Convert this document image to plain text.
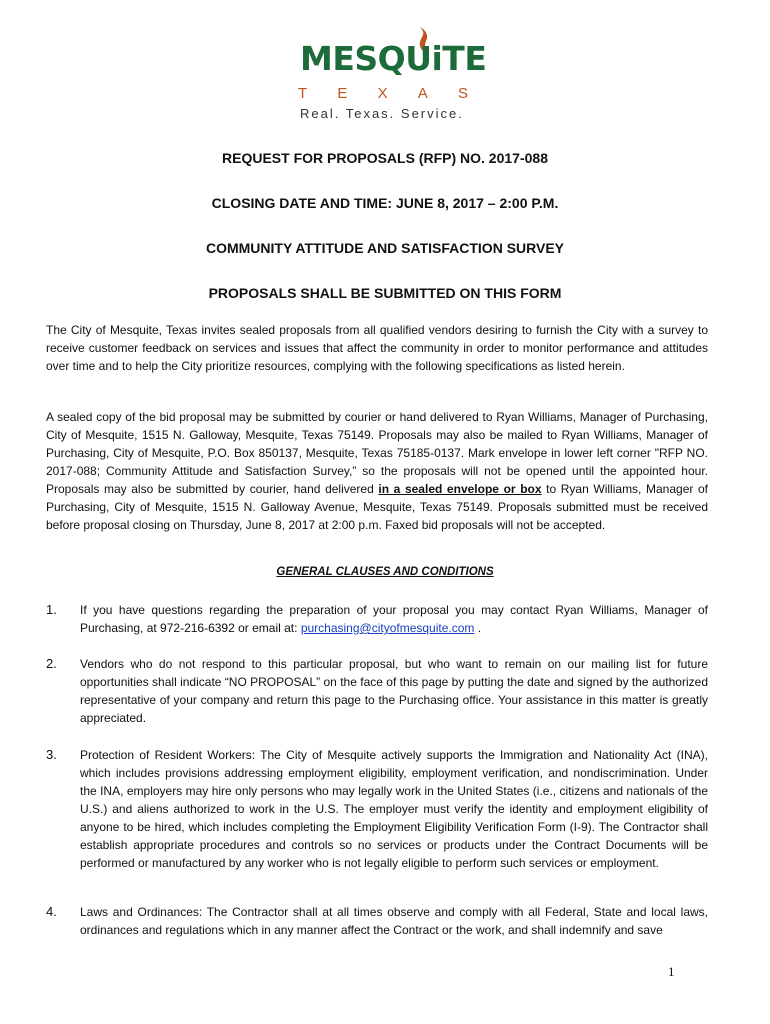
MESQUiTE
T E X A S
Real. Texas. Service.
REQUEST FOR PROPOSALS (RFP) NO. 2017-088
CLOSING DATE AND TIME: JUNE 8, 2017 – 2:00 P.M.
COMMUNITY ATTITUDE AND SATISFACTION SURVEY
PROPOSALS SHALL BE SUBMITTED ON THIS FORM

The City of Mesquite, Texas invites sealed proposals from all qualified vendors desiring to furnish the City with a survey to receive customer feedback on services and issues that affect the community in order to monitor performance and attitudes over time and to help the City prioritize resources, complying with the following specifications as listed herein.

A sealed copy of the bid proposal may be submitted by courier or hand delivered to Ryan Williams, Manager of Purchasing, City of Mesquite, 1515 N. Galloway, Mesquite, Texas 75149. Proposals may also be mailed to Ryan Williams, Manager of Purchasing, City of Mesquite, P.O. Box 850137, Mesquite, Texas 75185-0137. Mark envelope in lower left corner "RFP NO. 2017-088; Community Attitude and Satisfaction Survey,” so the proposals will not be opened until the appointed hour. Proposals may also be submitted by courier, hand delivered in a sealed envelope or box to Ryan Williams, Manager of Purchasing, City of Mesquite, 1515 N. Galloway Avenue, Mesquite, Texas 75149. Proposals submitted must be received before proposal closing on Thursday, June 8, 2017 at 2:00 p.m. Faxed bid proposals will not be accepted.

GENERAL CLAUSES AND CONDITIONS
1.	If you have questions regarding the preparation of your proposal you may contact Ryan Williams, Manager of Purchasing, at 972-216-6392 or email at: purchasing@cityofmesquite.com .
2.	Vendors who do not respond to this particular proposal, but who want to remain on our mailing list for future opportunities shall indicate “NO PROPOSAL” on the face of this page by putting the date and signed by the authorized representative of your company and return this page to the Purchasing office. Your assistance in this matter is greatly appreciated.
3.	Protection of Resident Workers: The City of Mesquite actively supports the Immigration and Nationality Act (INA), which includes provisions addressing employment eligibility, employment verification, and nondiscrimination. Under the INA, employers may hire only persons who may legally work in the United States (i.e., citizens and nationals of the U.S.) and aliens authorized to work in the U.S. The employer must verify the identity and employment eligibility of anyone to be hired, which includes completing the Employment Eligibility Verification Form (I-9). The Contractor shall establish appropriate procedures and controls so no services or products under the Contract Documents will be performed or manufactured by any worker who is not legally eligible to perform such services or employment.
4.	Laws and Ordinances: The Contractor shall at all times observe and comply with all Federal, State and local laws, ordinances and regulations which in any manner affect the Contract or the work, and shall indemnify and save
1
